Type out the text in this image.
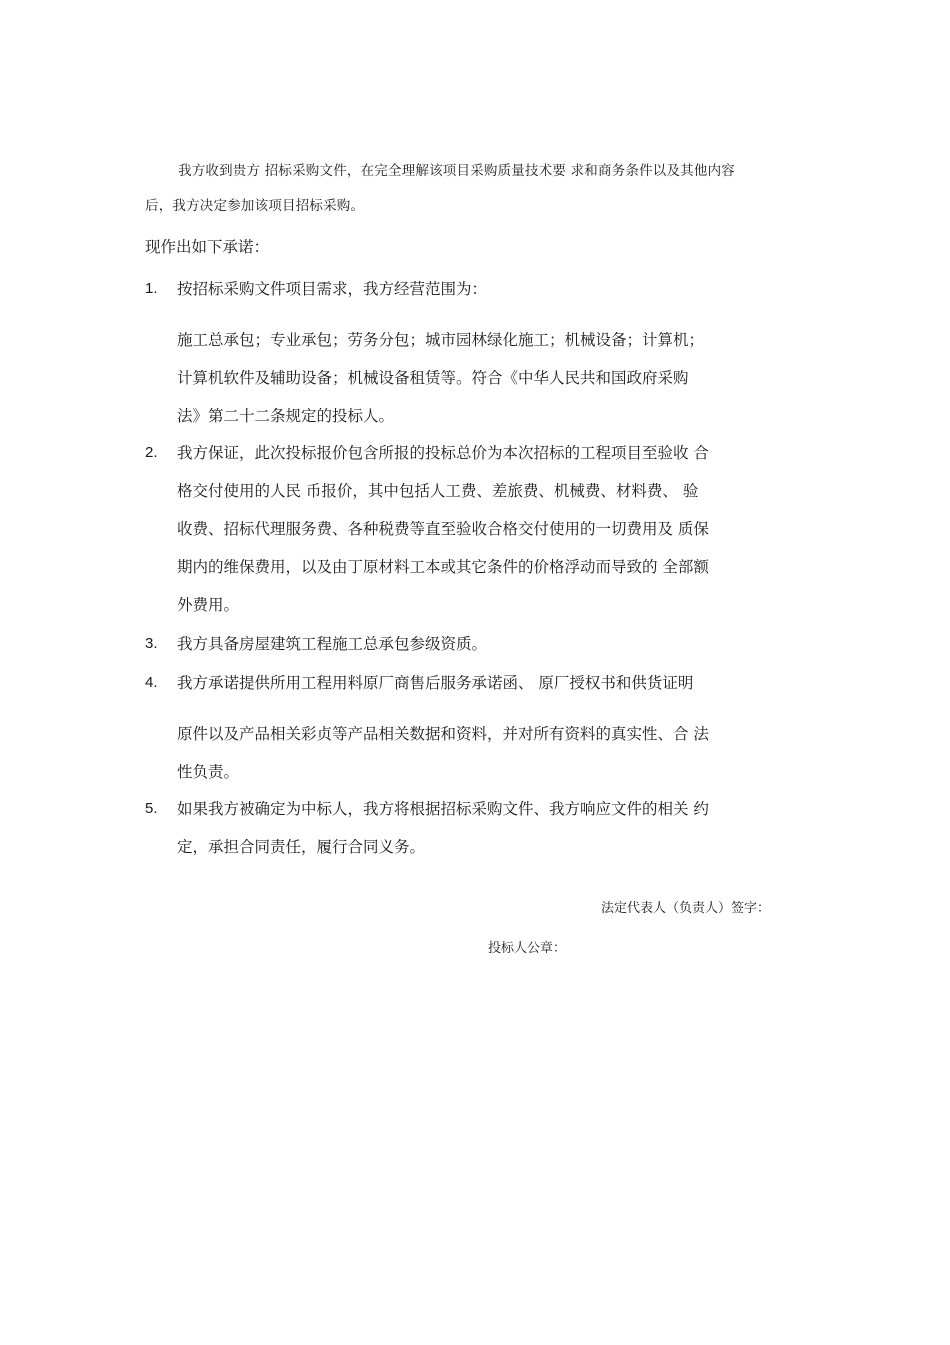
我方收到贵方 招标采购文件，在完全理解该项目采购质量技术要 求和商务条件以及其他内容
后，我方决定参加该项目招标采购。
现作出如下承诺：
1. 按招标采购文件项目需求，我方经营范围为：
施工总承包；专业承包；劳务分包；城市园林绿化施工；机械设备；计算机；
计算机软件及辅助设备；机械设备租赁等。符合《中华人民共和国政府采购
法》第二十二条规定的投标人。
2. 我方保证，此次投标报价包含所报的投标总价为本次招标的工程项目至验收 合
格交付使用的人民 币报价，其中包括人工费、差旅费、机械费、材料费、 验
收费、招标代理服务费、各种税费等直至验收合格交付使用的一切费用及 质保
期内的维保费用，以及由丁原材料工本或其它条件的价格浮动而导致的 全部额
外费用。
3. 我方具备房屋建筑工程施工总承包参级资质。
4. 我方承诺提供所用工程用料原厂商售后服务承诺函、 原厂授权书和供货证明
原件以及产品相关彩贞等产品相关数据和资料，并对所有资料的真实性、合 法
性负责。
5. 如果我方被确定为中标人，我方将根据招标采购文件、我方响应文件的相关 约
定，承担合同责任，履行合同义务。
法定代表人（负责人）签字：
投标人公章：
